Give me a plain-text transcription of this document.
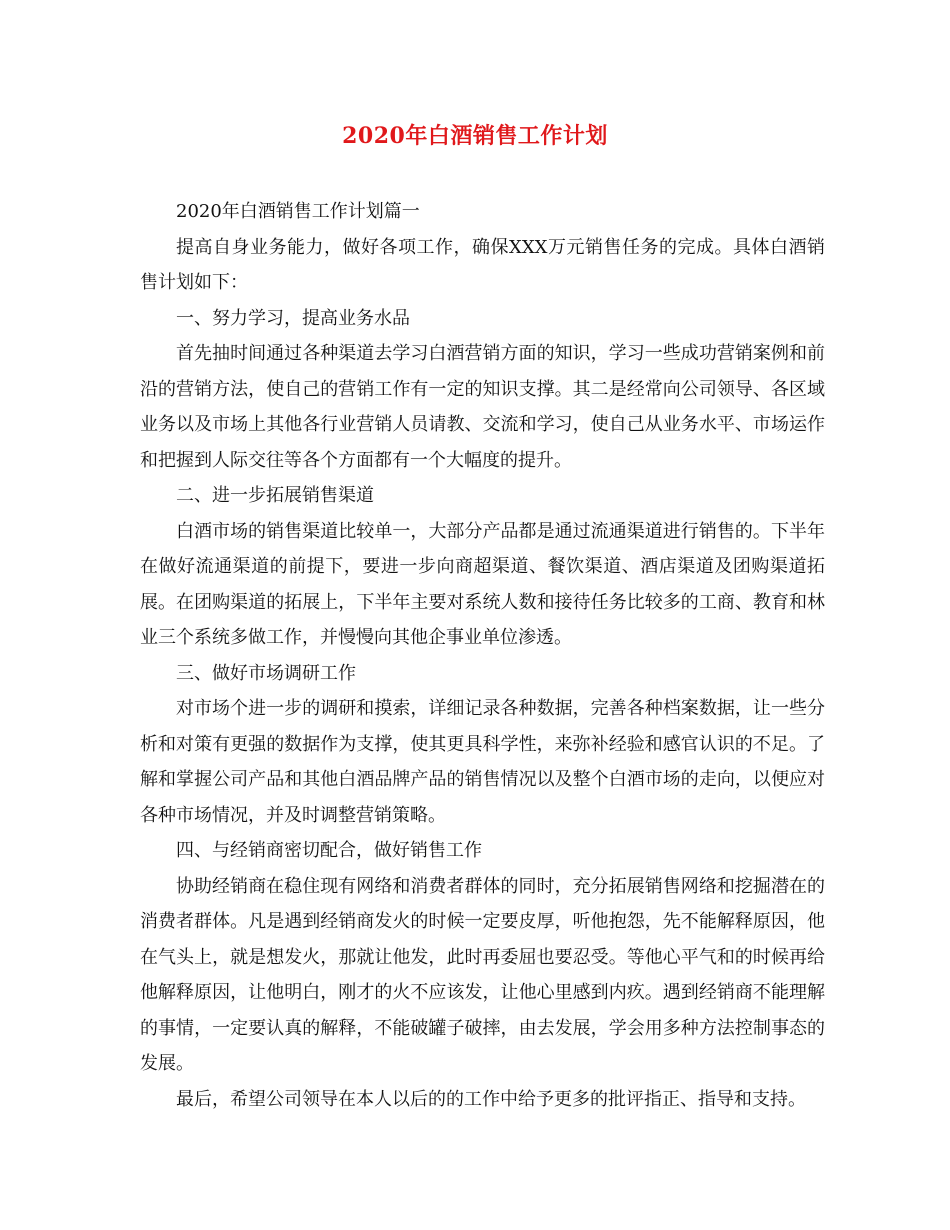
2020年白酒销售工作计划

2020年白酒销售工作计划篇一

提高自身业务能力，做好各项工作，确保XXX万元销售任务的完成。具体白酒销售计划如下：

一、努力学习，提高业务水品

首先抽时间通过各种渠道去学习白酒营销方面的知识，学习一些成功营销案例和前沿的营销方法，使自己的营销工作有一定的知识支撑。其二是经常向公司领导、各区域业务以及市场上其他各行业营销人员请教、交流和学习，使自己从业务水平、市场运作和把握到人际交往等各个方面都有一个大幅度的提升。

二、进一步拓展销售渠道

白酒市场的销售渠道比较单一，大部分产品都是通过流通渠道进行销售的。下半年在做好流通渠道的前提下，要进一步向商超渠道、餐饮渠道、酒店渠道及团购渠道拓展。在团购渠道的拓展上，下半年主要对系统人数和接待任务比较多的工商、教育和林业三个系统多做工作，并慢慢向其他企事业单位渗透。

三、做好市场调研工作

对市场个进一步的调研和摸索，详细记录各种数据，完善各种档案数据，让一些分析和对策有更强的数据作为支撑，使其更具科学性，来弥补经验和感官认识的不足。了解和掌握公司产品和其他白酒品牌产品的销售情况以及整个白酒市场的走向，以便应对各种市场情况，并及时调整营销策略。

四、与经销商密切配合，做好销售工作

协助经销商在稳住现有网络和消费者群体的同时，充分拓展销售网络和挖掘潜在的消费者群体。凡是遇到经销商发火的时候一定要皮厚，听他抱怨，先不能解释原因，他在气头上，就是想发火，那就让他发，此时再委屈也要忍受。等他心平气和的时候再给他解释原因，让他明白，刚才的火不应该发，让他心里感到内疚。遇到经销商不能理解的事情，一定要认真的解释，不能破罐子破摔，由去发展，学会用多种方法控制事态的发展。

最后，希望公司领导在本人以后的的工作中给予更多的批评指正、指导和支持。
